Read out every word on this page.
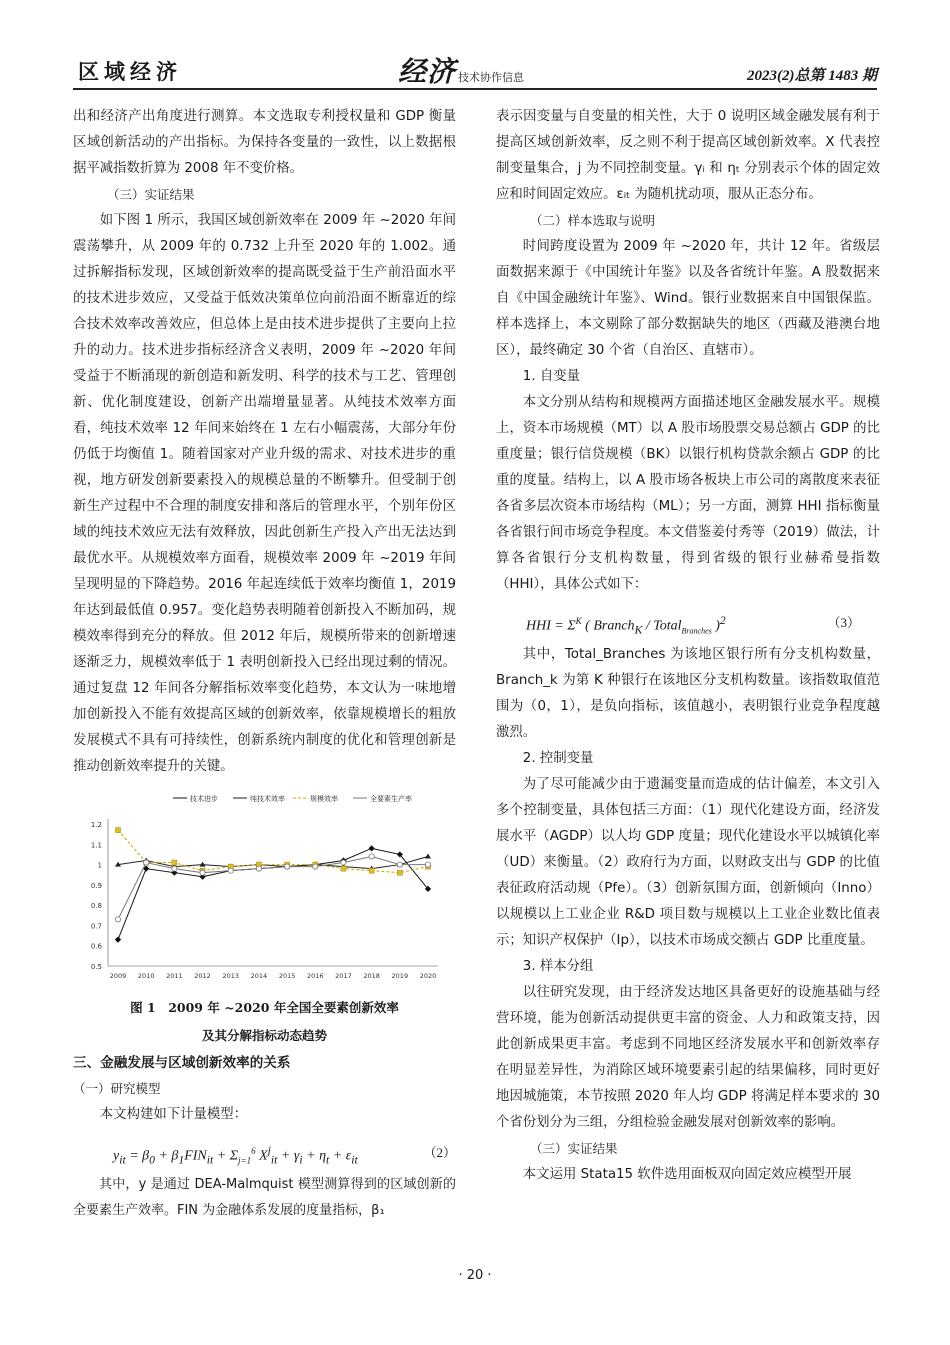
区域经济	经济 技术协作信息	2023(2)总第 1483 期

出和经济产出角度进行测算。本文选取专利授权量和 GDP 衡量区域创新活动的产出指标。为保持各变量的一致性，以上数据根据平减指数折算为 2008 年不变价格。

（三）实证结果

如下图 1 所示，我国区域创新效率在 2009 年 ~2020 年间震荡攀升，从 2009 年的 0.732 上升至 2020 年的 1.002。通过拆解指标发现，区域创新效率的提高既受益于生产前沿面水平的技术进步效应，又受益于低效决策单位向前沿面不断靠近的综合技术效率改善效应，但总体上是由技术进步提供了主要向上拉升的动力。技术进步指标经济含义表明，2009 年 ~2020 年间受益于不断涌现的新创造和新发明、科学的技术与工艺、管理创新、优化制度建设，创新产出端增量显著。从纯技术效率方面看，纯技术效率 12 年间来始终在 1 左右小幅震荡，大部分年份仍低于均衡值 1。随着国家对产业升级的需求、对技术进步的重视，地方研发创新要素投入的规模总量的不断攀升。但受制于创新生产过程中不合理的制度安排和落后的管理水平，个别年份区域的纯技术效应无法有效释放，因此创新生产投入产出无法达到最优水平。从规模效率方面看，规模效率 2009 年 ~2019 年间呈现明显的下降趋势。2016 年起连续低于效率均衡值 1，2019 年达到最低值 0.957。变化趋势表明随着创新投入不断加码，规模效率得到充分的释放。但 2012 年后，规模所带来的创新增速逐渐乏力，规模效率低于 1 表明创新投入已经出现过剩的情况。通过复盘 12 年间各分解指标效率变化趋势，本文认为一味地增加创新投入不能有效提高区域的创新效率，依靠规模增长的粗放发展模式不具有可持续性，创新系统内制度的优化和管理创新是推动创新效率提升的关键。

0.5
0.6
0.7
0.8
0.9
1
1.1
1.2
2009 2010 2011 2012 2013 2014 2015 2016 2017 2018 2019 2020
技术进步	纯技术效率	规模效率	全要素生产率
图 1　2009 年 ~2020 年全国全要素创新效率
及其分解指标动态趋势

三、金融发展与区域创新效率的关系

（一）研究模型

本文构建如下计量模型：

$y_{it} = \beta_0 + \beta_1FIN_{it} + \Sigma_{j=1}^6$ $X^j_{it} + \gamma_i + \eta_t + \varepsilon_{it}$	（2）

其中，y 是通过 DEA-Malmquist 模型测算得到的区域创新的全要素生产效率。FIN 为金融体系发展的度量指标，β₁

表示因变量与自变量的相关性，大于 0 说明区域金融发展有利于提高区域创新效率，反之则不利于提高区域创新效率。X 代表控制变量集合，j 为不同控制变量。γᵢ 和 ηₜ 分别表示个体的固定效应和时间固定效应。εᵢₜ 为随机扰动项，服从正态分布。

（二）样本选取与说明

时间跨度设置为 2009 年 ~2020 年，共计 12 年。省级层面数据来源于《中国统计年鉴》以及各省统计年鉴。A 股数据来自《中国金融统计年鉴》、Wind。银行业数据来自中国银保监。样本选择上，本文剔除了部分数据缺失的地区（西藏及港澳台地区），最终确定 30 个省（自治区、直辖市）。

1. 自变量

本文分别从结构和规模两方面描述地区金融发展水平。规模上，资本市场规模（MT）以 A 股市场股票交易总额占 GDP 的比重度量；银行信贷规模（BK）以银行机构贷款余额占 GDP 的比重的度量。结构上，以 A 股市场各板块上市公司的离散度来表征各省多层次资本市场结构（ML）；另一方面，测算 HHI 指标衡量各省银行间市场竞争程度。本文借鉴姜付秀等（2019）做法，计算各省银行分支机构数量，得到省级的银行业赫希曼指数（HHI），具体公式如下：

HHI = $\Sigma^K$ ( Branch$_K$ / Total$_{Branches}$ )$^2$	（3）

其中，Total_Branches 为该地区银行所有分支机构数量，Branch_k 为第 K 种银行在该地区分支机构数量。该指数取值范围为（0，1），是负向指标，该值越小，表明银行业竞争程度越激烈。

2. 控制变量

为了尽可能减少由于遗漏变量而造成的估计偏差，本文引入多个控制变量，具体包括三方面：（1）现代化建设方面，经济发展水平（AGDP）以人均 GDP 度量；现代化建设水平以城镇化率（UD）来衡量。（2）政府行为方面，以财政支出与 GDP 的比值表征政府活动规（Pfe）。（3）创新氛围方面，创新倾向（Inno）以规模以上工业企业 R&D 项目数与规模以上工业企业数比值表示；知识产权保护（Ip），以技术市场成交额占 GDP 比重度量。

3. 样本分组

以往研究发现，由于经济发达地区具备更好的设施基础与经营环境，能为创新活动提供更丰富的资金、人力和政策支持，因此创新成果更丰富。考虑到不同地区经济发展水平和创新效率存在明显差异性，为消除区域环境要素引起的结果偏移，同时更好地因城施策，本节按照 2020 年人均 GDP 将满足样本要求的 30 个省份划分为三组，分组检验金融发展对创新效率的影响。

（三）实证结果

本文运用 Stata15 软件选用面板双向固定效应模型开展

· 20 ·
